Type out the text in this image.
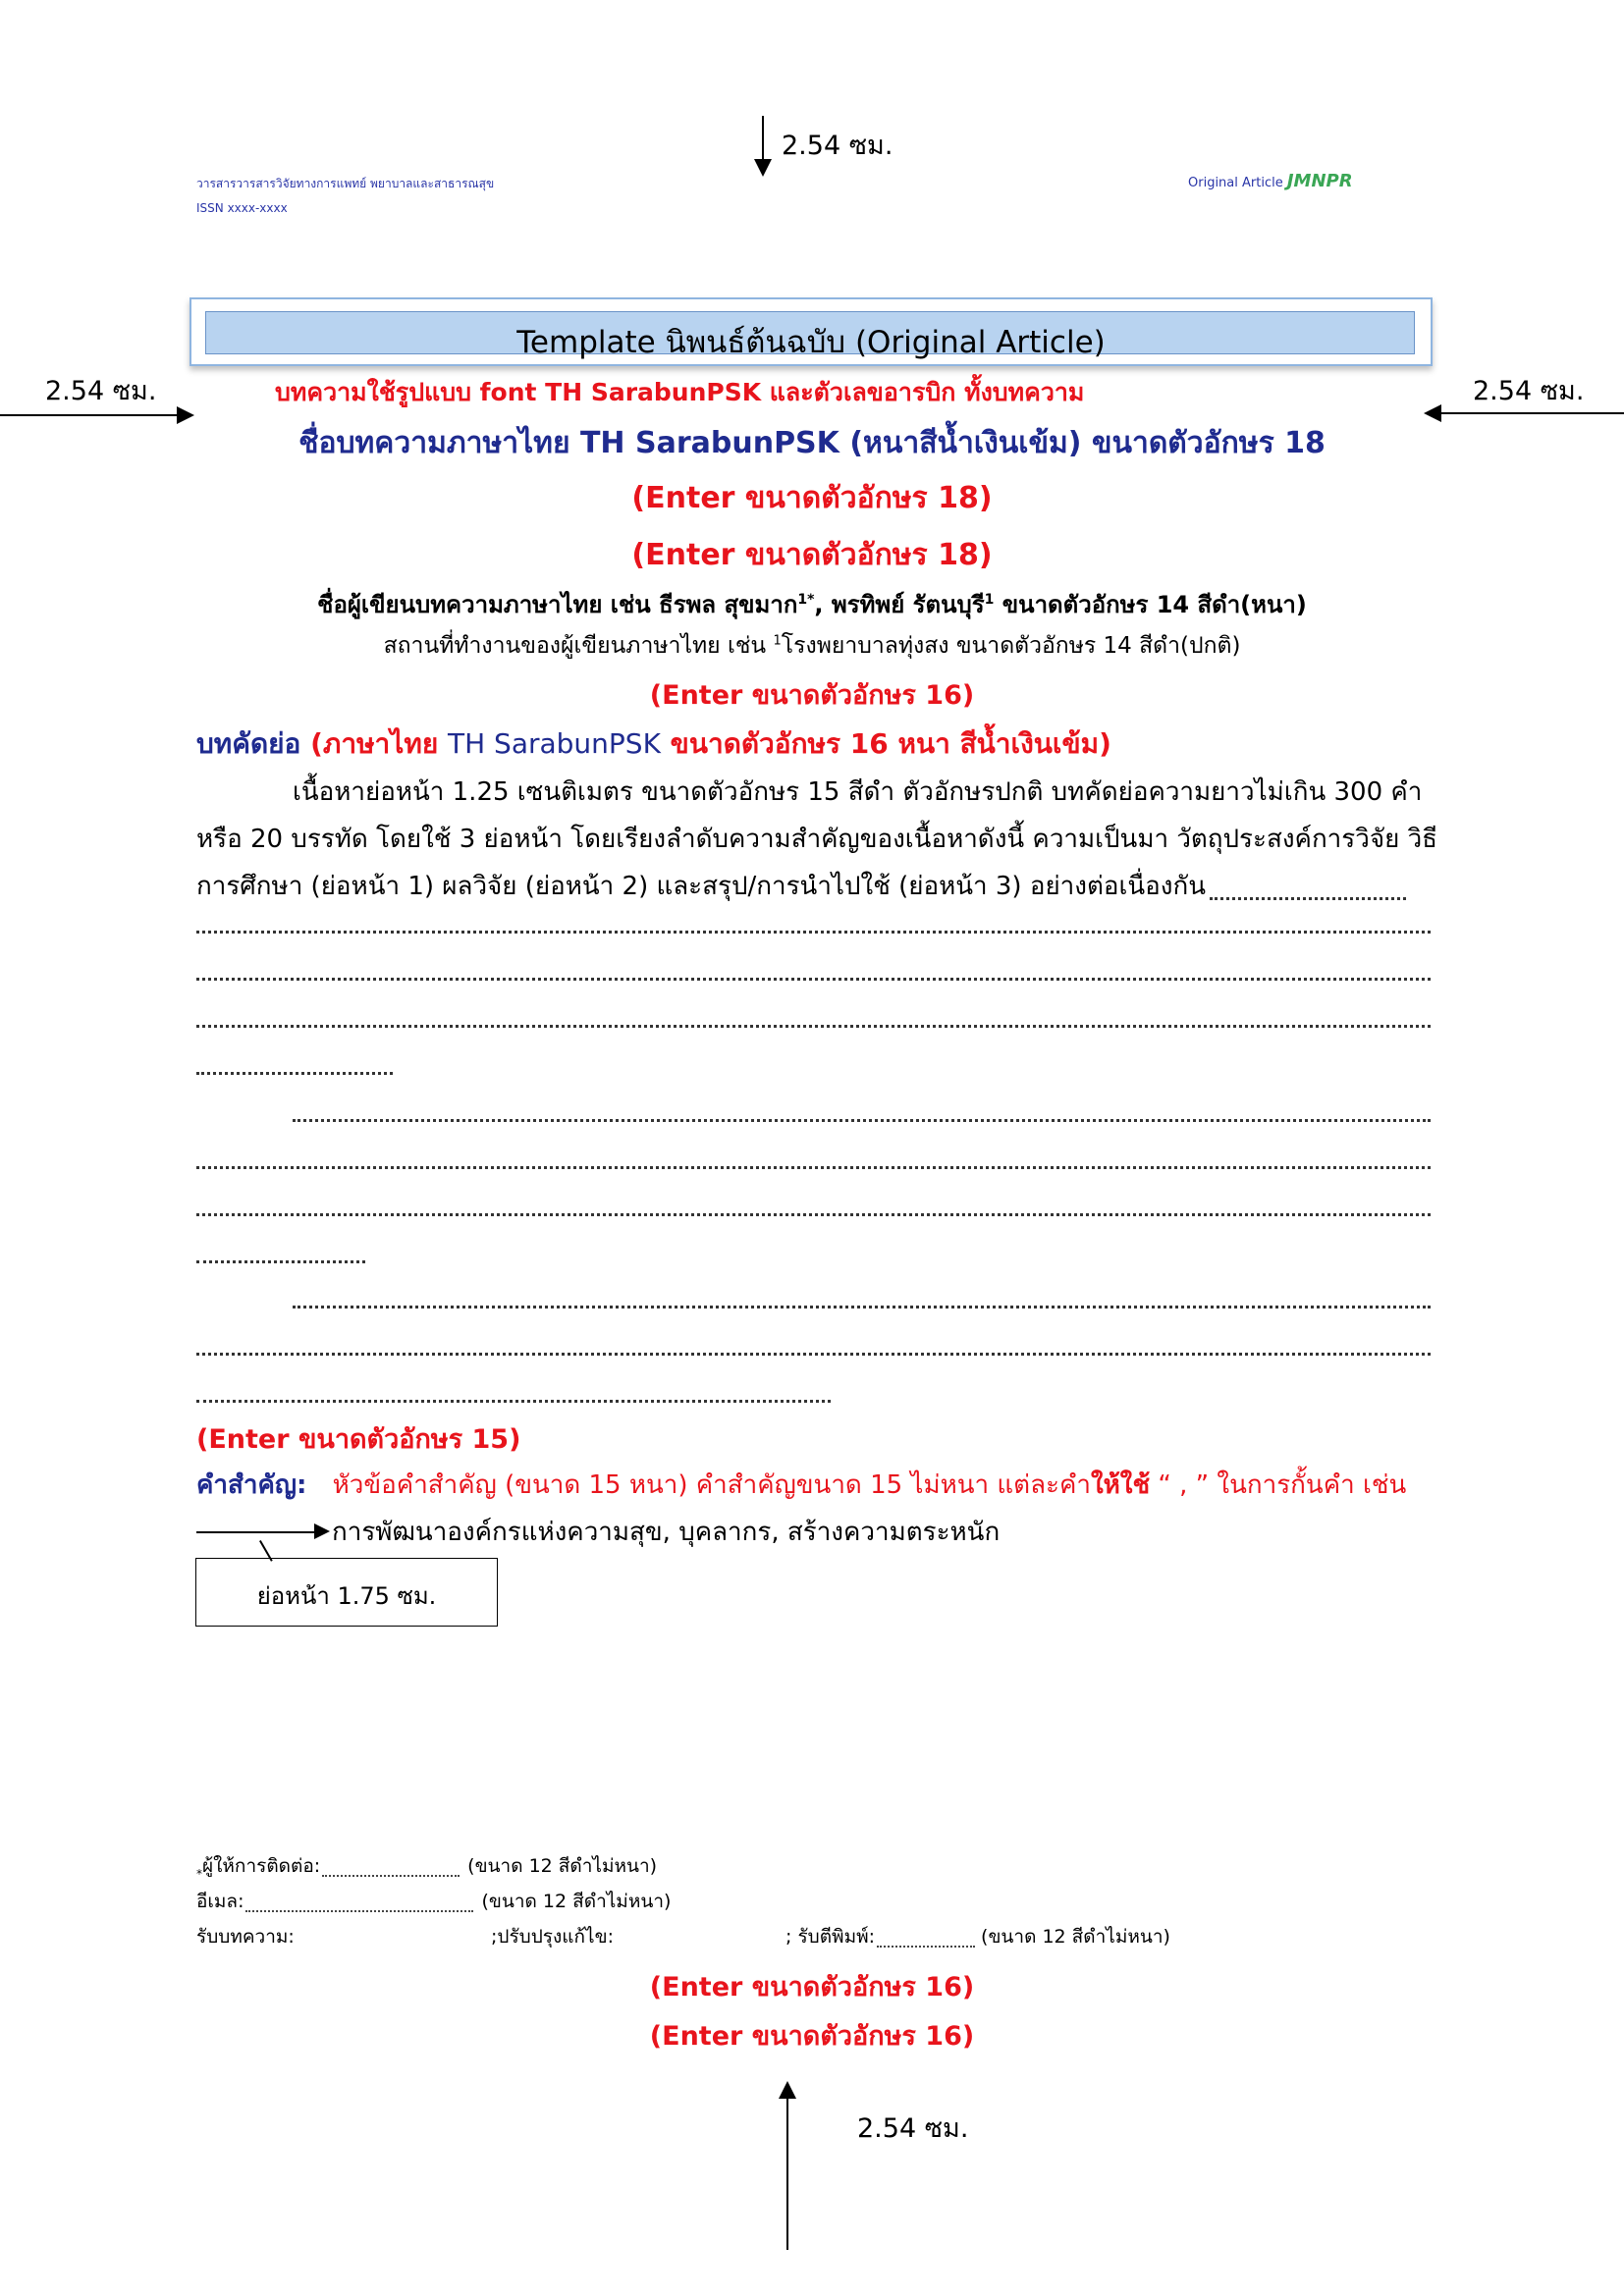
2.54 ซม.
วารสารวารสารวิจัยทางการแพทย์ พยาบาลและสาธารณสุข
ISSN xxxx-xxxx
Original Article JMNPR
Template นิพนธ์ต้นฉบับ (Original Article)
2.54 ซม.	2.54 ซม.
บทความใช้รูปแบบ font TH SarabunPSK และตัวเลขอารบิก ทั้งบทความ
ชื่อบทความภาษาไทย TH SarabunPSK (หนาสีน้ำเงินเข้ม) ขนาดตัวอักษร 18
(Enter ขนาดตัวอักษร 18)
(Enter ขนาดตัวอักษร 18)
ชื่อผู้เขียนบทความภาษาไทย เช่น ธีรพล สุขมาก$^{1*}$, พรทิพย์ รัตนบุรี$^1$ ขนาดตัวอักษร 14 สีดำ(หนา)
สถานที่ทำงานของผู้เขียนภาษาไทย เช่น $^1$โรงพยาบาลทุ่งสง ขนาดตัวอักษร 14 สีดำ(ปกติ)
(Enter ขนาดตัวอักษร 16)
บทคัดย่อ (ภาษาไทย TH SarabunPSK ขนาดตัวอักษร 16 หนา สีน้ำเงินเข้ม)
เนื้อหาย่อหน้า 1.25 เซนติเมตร ขนาดตัวอักษร 15 สีดำ ตัวอักษรปกติ บทคัดย่อความยาวไม่เกิน 300 คำ
หรือ 20 บรรทัด โดยใช้ 3 ย่อหน้า โดยเรียงลำดับความสำคัญของเนื้อหาดังนี้ ความเป็นมา วัตถุประสงค์การวิจัย วิธี
การศึกษา (ย่อหน้า 1) ผลวิจัย (ย่อหน้า 2) และสรุป/การนำไปใช้ (ย่อหน้า 3) อย่างต่อเนื่องกัน
(Enter ขนาดตัวอักษร 15)
คำสำคัญ: หัวข้อคำสำคัญ (ขนาด 15 หนา) คำสำคัญขนาด 15 ไม่หนา แต่ละคำให้ใช้ “ , ” ในการกั้นคำ เช่น
การพัฒนาองค์กรแห่งความสุข, บุคลากร, สร้างความตระหนัก
ย่อหน้า 1.75 ซม.
* ผู้ให้การติดต่อ:	(ขนาด 12 สีดำไม่หนา)
อีเมล:	(ขนาด 12 สีดำไม่หนา)
รับบทความ:	;ปรับปรุงแก้ไข:	; รับตีพิมพ์:	(ขนาด 12 สีดำไม่หนา)
(Enter ขนาดตัวอักษร 16)
(Enter ขนาดตัวอักษร 16)
2.54 ซม.
